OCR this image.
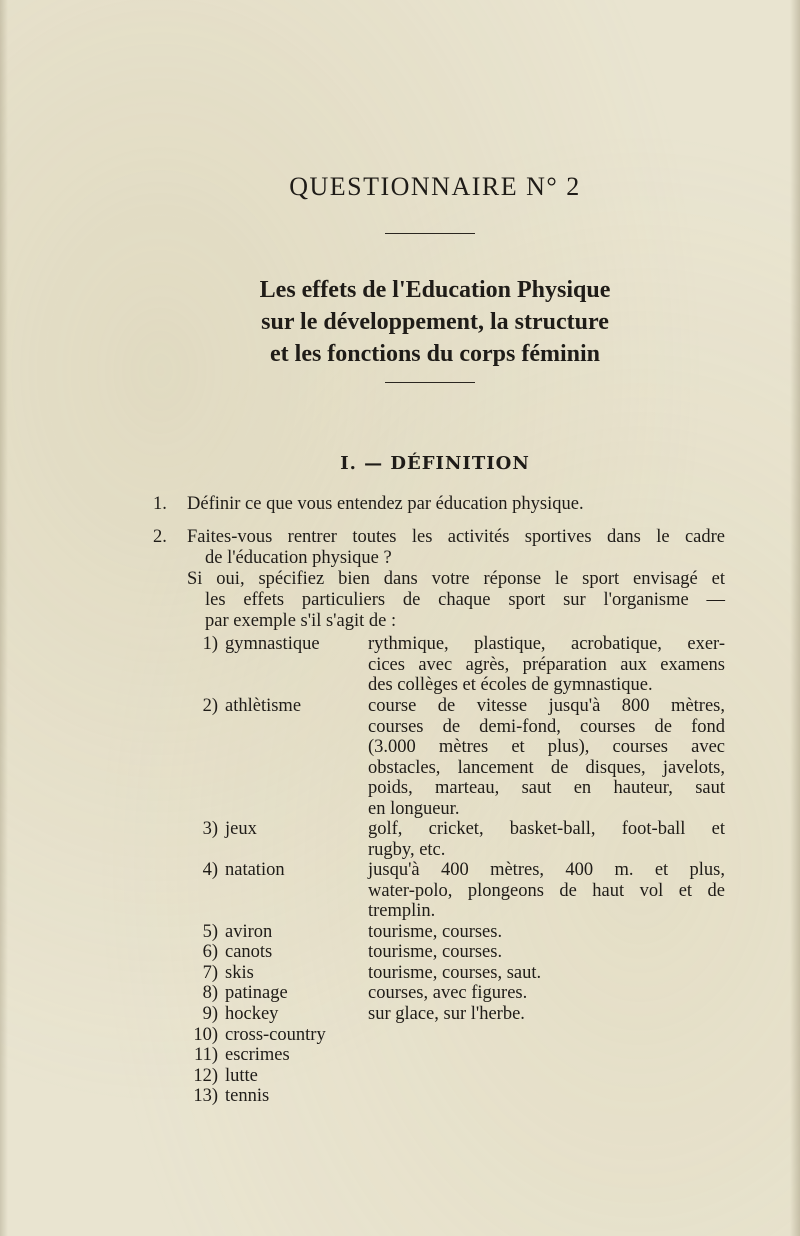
QUESTIONNAIRE N° 2
Les effets de l'Education Physique
sur le développement, la structure
et les fonctions du corps féminin
I. — DÉFINITION
1. Définir ce que vous entendez par éducation physique.
2. Faites-vous rentrer toutes les activités sportives dans le cadre
de l'éducation physique ?
Si oui, spécifiez bien dans votre réponse le sport envisagé et
les effets particuliers de chaque sport sur l'organisme —
par exemple s'il s'agit de :
1) gymnastique	rythmique, plastique, acrobatique, exer-
cices avec agrès, préparation aux examens
des collèges et écoles de gymnastique.
2) athlètisme	course de vitesse jusqu'à 800 mètres,
courses de demi-fond, courses de fond
(3.000 mètres et plus), courses avec
obstacles, lancement de disques, javelots,
poids, marteau, saut en hauteur, saut
en longueur.
3) jeux	golf, cricket, basket-ball, foot-ball et
rugby, etc.
4) natation	jusqu'à 400 mètres, 400 m. et plus,
water-polo, plongeons de haut vol et de
tremplin.
5) aviron	tourisme, courses.
6) canots	tourisme, courses.
7) skis	tourisme, courses, saut.
8) patinage	courses, avec figures.
9) hockey	sur glace, sur l'herbe.
10) cross-country
11) escrimes
12) lutte
13) tennis
